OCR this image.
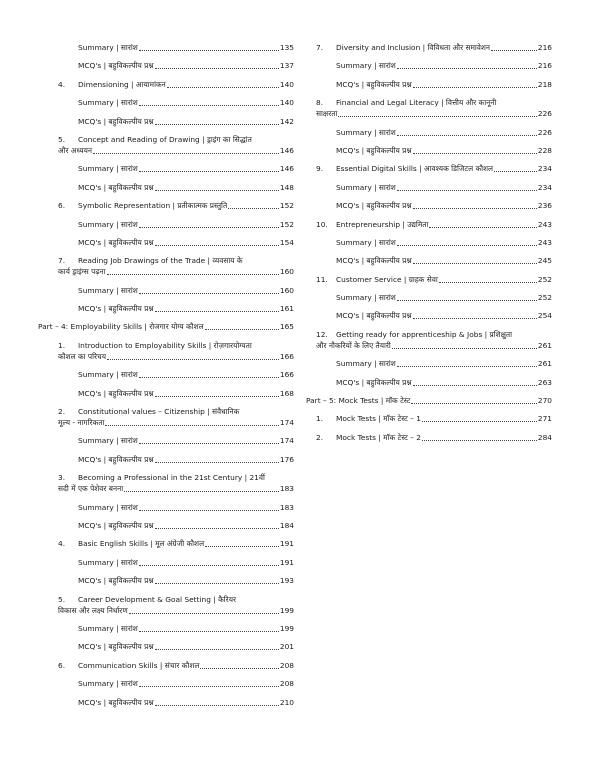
Summary | सारांश	135
MCQ's | बहुविकल्पीय प्रश्न	137
4.	Dimensioning | आयामांकन	140
Summary | सारांश	140
MCQ's | बहुविकल्पीय प्रश्न	142
5. Concept and Reading of Drawing | ड्राइंग का सिद्धांत
और अध्ययन	146
Summary | सारांश	146
MCQ's | बहुविकल्पीय प्रश्न	148
6.	Symbolic Representation | प्रतीकात्मक प्रस्तुति	152
Summary | सारांश	152
MCQ's | बहुविकल्पीय प्रश्न	154
7. Reading Job Drawings of the Trade | व्यवसाय के
कार्य ड्राइंग्स पढ़ना	160
Summary | सारांश	160
MCQ's | बहुविकल्पीय प्रश्न	161
Part – 4: Employability Skills | रोजगार योग्य कौशल	165
1. Introduction to Employability Skills | रोज़गारयोग्यता
कौशल का परिचय	166
Summary | सारांश	166
MCQ's | बहुविकल्पीय प्रश्न	168
2. Constitutional values – Citizenship | संवैधानिक
मूल्य - नागरिकता	174
Summary | सारांश	174
MCQ's | बहुविकल्पीय प्रश्न	176
3. Becoming a Professional in the 21st Century | 21वीं
सदी में एक पेशेवर बनना	183
Summary | सारांश	183
MCQ's | बहुविकल्पीय प्रश्न	184
4.	Basic English Skills | मूल अंग्रेजी कौशल	191
Summary | सारांश	191
MCQ's | बहुविकल्पीय प्रश्न	193
5. Career Development & Goal Setting | कैरियर
विकास और लक्ष्य निर्धारण	199
Summary | सारांश	199
MCQ's | बहुविकल्पीय प्रश्न	201
6.	Communication Skills | संचार कौशल	208
Summary | सारांश	208
MCQ's | बहुविकल्पीय प्रश्न	210
7.	Diversity and Inclusion | विविधता और समावेशन	216
Summary | सारांश	216
MCQ's | बहुविकल्पीय प्रश्न	218
8. Financial and Legal Literacy | वित्तीय और कानूनी
साक्षरता	226
Summary | सारांश	226
MCQ's | बहुविकल्पीय प्रश्न	228
9.	Essential Digital Skills | आवश्यक डिजिटल कौशल	234
Summary | सारांश	234
MCQ's | बहुविकल्पीय प्रश्न	236
10.	Entrepreneurship | उद्यमिता	243
Summary | सारांश	243
MCQ's | बहुविकल्पीय प्रश्न	245
11.	Customer Service | ग्राहक सेवा	252
Summary | सारांश	252
MCQ's | बहुविकल्पीय प्रश्न	254
12. Getting ready for apprenticeship & Jobs | प्रशिक्षुता
और नौकरियों के लिए तैयारी	261
Summary | सारांश	261
MCQ's | बहुविकल्पीय प्रश्न	263
Part – 5: Mock Tests | मॉक टेस्ट	270
1.	Mock Tests | मॉक टेस्ट – 1	271
2.	Mock Tests | मॉक टेस्ट – 2	284
